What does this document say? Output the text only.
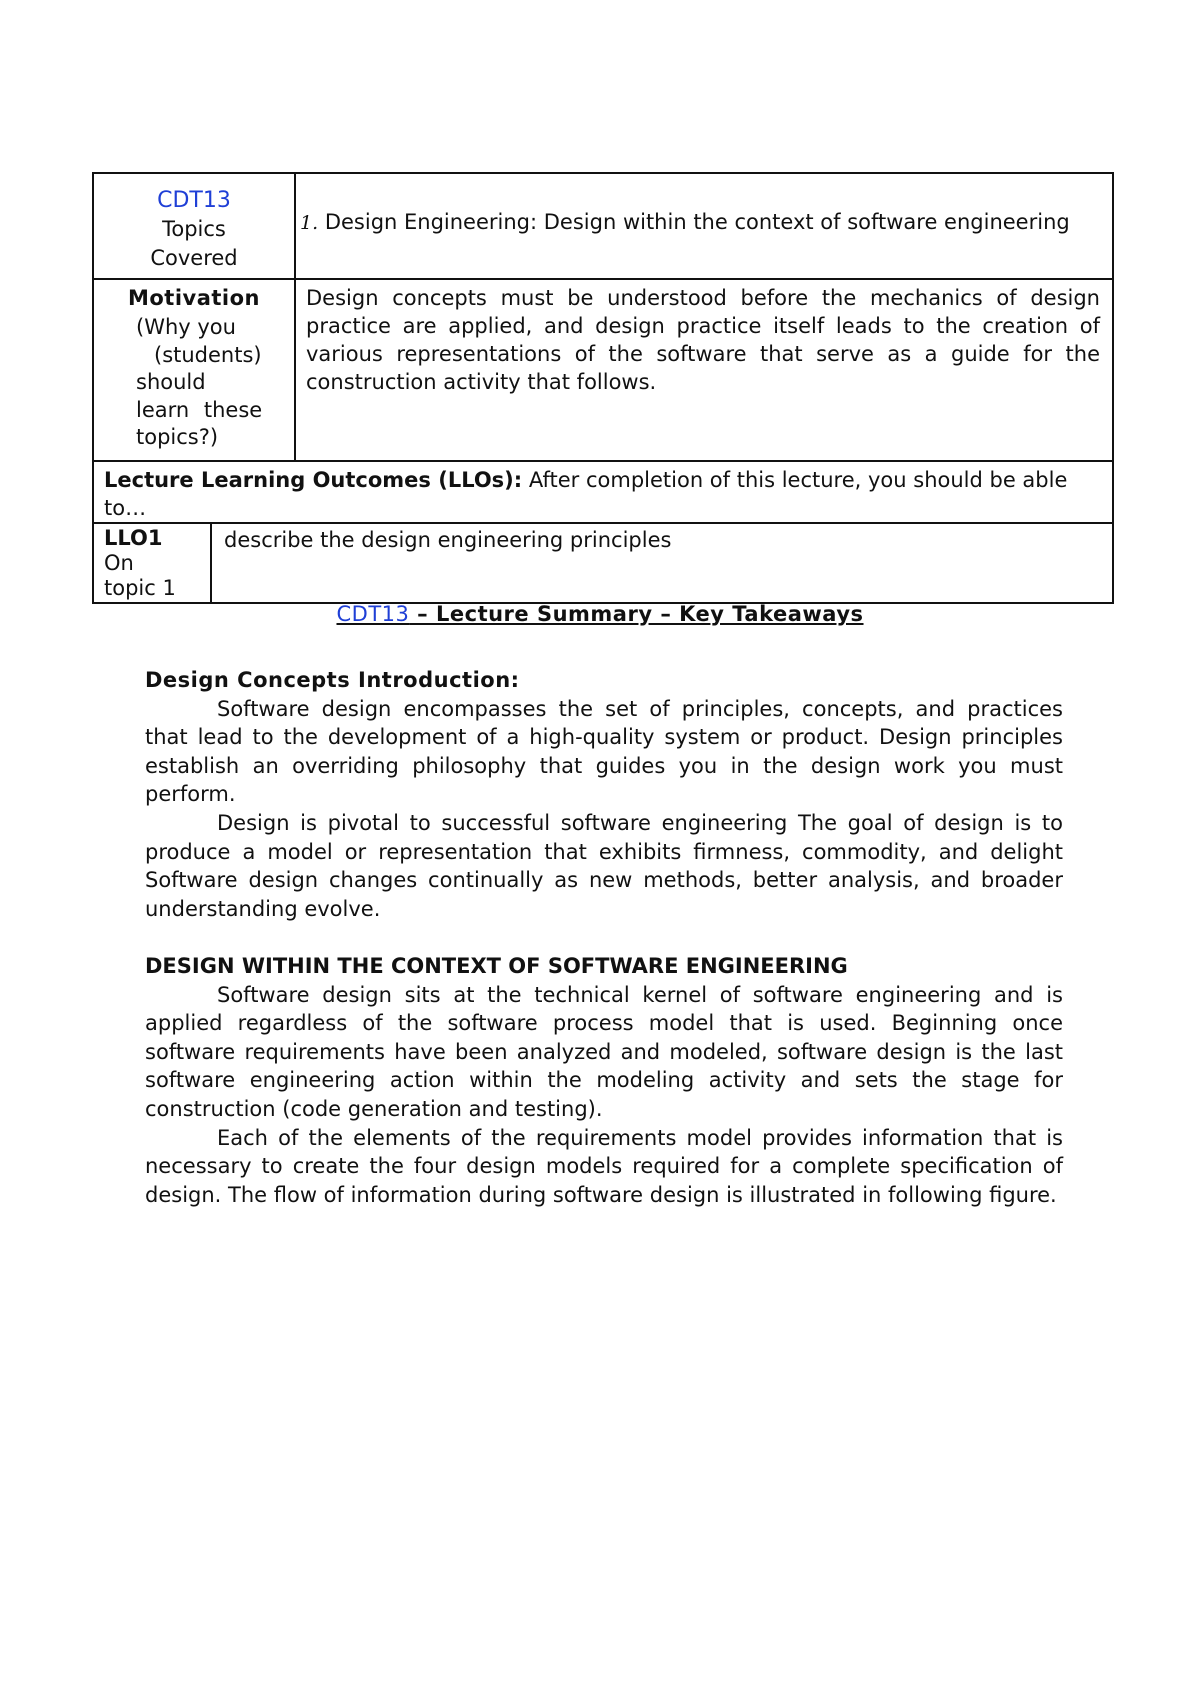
CDT13
Topics
Covered
1. Design Engineering: Design within the context of software engineering
Motivation
(Why you
(students)
should
learn these
topics?)
Design concepts must be understood before the mechanics of design practice are applied, and design practice itself leads to the creation of various representations of the software that serve as a guide for the construction activity that follows.
Lecture Learning Outcomes (LLOs): After completion of this lecture, you should be able to…
LLO1
On
topic 1
describe the design engineering principles
CDT13 – Lecture Summary – Key Takeaways
Design Concepts Introduction:

Software design encompasses the set of principles, concepts, and practices that lead to the development of a high-quality system or product. Design principles establish an overriding philosophy that guides you in the design work you must perform.

Design is pivotal to successful software engineering The goal of design is to produce a model or representation that exhibits firmness, commodity, and delight Software design changes continually as new methods, better analysis, and broader understanding evolve.

DESIGN WITHIN THE CONTEXT OF SOFTWARE ENGINEERING

Software design sits at the technical kernel of software engineering and is applied regardless of the software process model that is used. Beginning once software requirements have been analyzed and modeled, software design is the last software engineering action within the modeling activity and sets the stage for construction (code generation and testing).

Each of the elements of the requirements model provides information that is necessary to create the four design models required for a complete specification of design. The flow of information during software design is illustrated in following figure.
